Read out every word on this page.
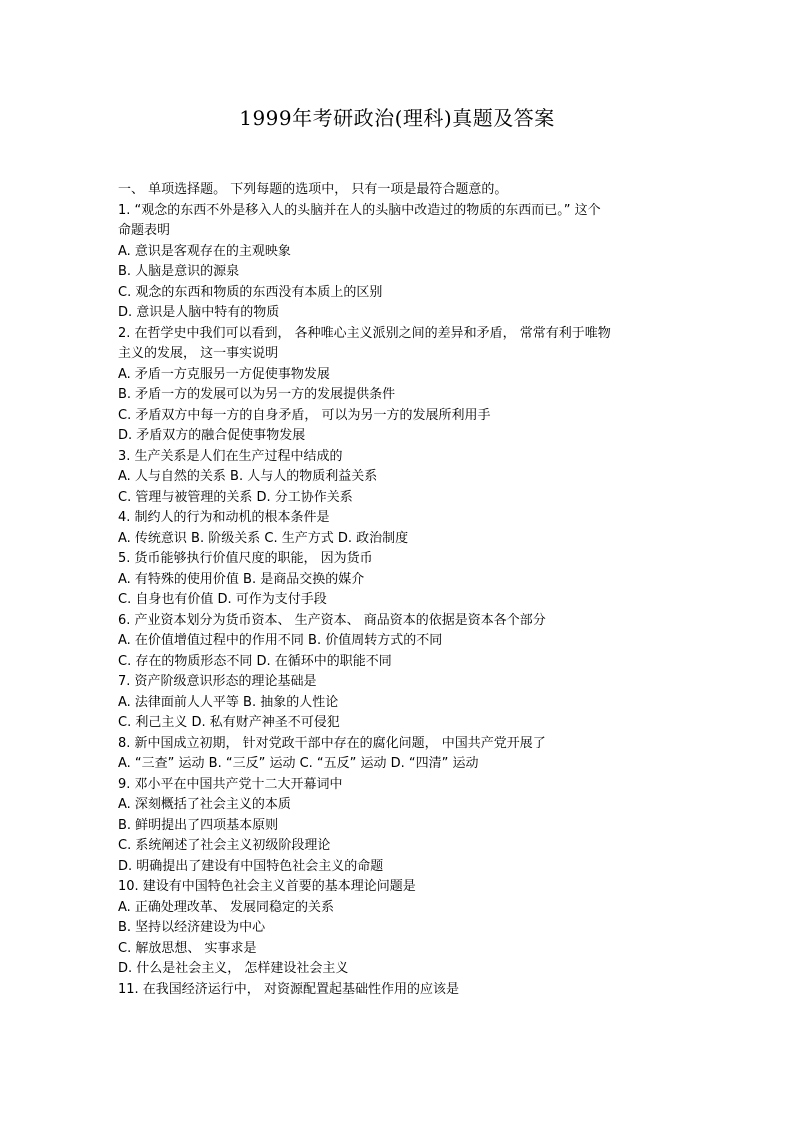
1999年考研政治(理科)真题及答案
一、 单项选择题。 下列每题的选项中， 只有一项是最符合题意的。
1. “观念的东西不外是移入人的头脑并在人的头脑中改造过的物质的东西而已。” 这个
命题表明
A. 意识是客观存在的主观映象
B. 人脑是意识的源泉
C. 观念的东西和物质的东西没有本质上的区别
D. 意识是人脑中特有的物质
2. 在哲学史中我们可以看到， 各种唯心主义派别之间的差异和矛盾， 常常有利于唯物
主义的发展， 这一事实说明
A. 矛盾一方克服另一方促使事物发展
B. 矛盾一方的发展可以为另一方的发展提供条件
C. 矛盾双方中每一方的自身矛盾， 可以为另一方的发展所利用手
D. 矛盾双方的融合促使事物发展
3. 生产关系是人们在生产过程中结成的
A. 人与自然的关系 B. 人与人的物质利益关系
C. 管理与被管理的关系 D. 分工协作关系
4. 制约人的行为和动机的根本条件是
A. 传统意识 B. 阶级关系 C. 生产方式 D. 政治制度
5. 货币能够执行价值尺度的职能， 因为货币
A. 有特殊的使用价值 B. 是商品交换的媒介
C. 自身也有价值 D. 可作为支付手段
6. 产业资本划分为货币资本、 生产资本、 商品资本的依据是资本各个部分
A. 在价值增值过程中的作用不同 B. 价值周转方式的不同
C. 存在的物质形态不同 D. 在循环中的职能不同
7. 资产阶级意识形态的理论基础是
A. 法律面前人人平等 B. 抽象的人性论
C. 利己主义 D. 私有财产神圣不可侵犯
8. 新中国成立初期， 针对党政干部中存在的腐化问题， 中国共产党开展了
A. “三查” 运动 B. “三反” 运动 C. “五反” 运动 D. “四清” 运动
9. 邓小平在中国共产党十二大开幕词中
A. 深刻概括了社会主义的本质
B. 鲜明提出了四项基本原则
C. 系统阐述了社会主义初级阶段理论
D. 明确提出了建设有中国特色社会主义的命题
10. 建设有中国特色社会主义首要的基本理论问题是
A. 正确处理改革、 发展同稳定的关系
B. 坚持以经济建设为中心
C. 解放思想、 实事求是
D. 什么是社会主义， 怎样建设社会主义
11. 在我国经济运行中， 对资源配置起基础性作用的应该是
